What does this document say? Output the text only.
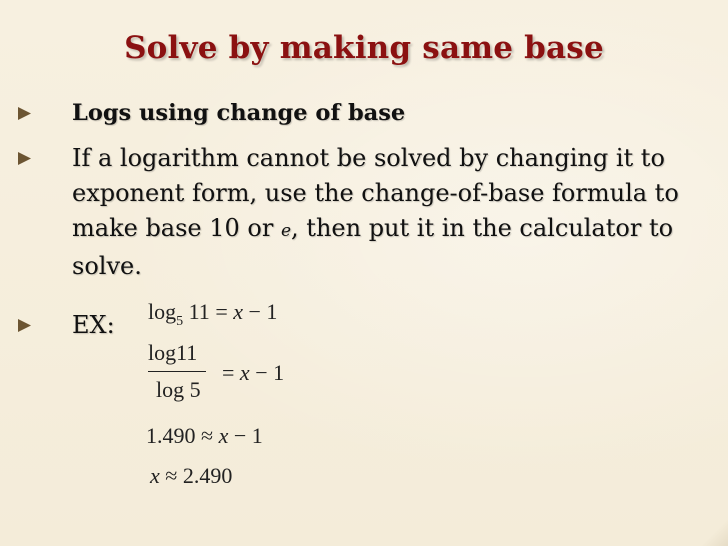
Solve by making same base
Logs using change of base
If a logarithm cannot be solved by changing it to exponent form, use the change-of-base formula to make base 10 or e, then put it in the calculator to solve.
EX:	$\log_5 11 = x - 1$
log11
log 5
= x − 1
1.490 ≈ x − 1
x ≈ 2.490
